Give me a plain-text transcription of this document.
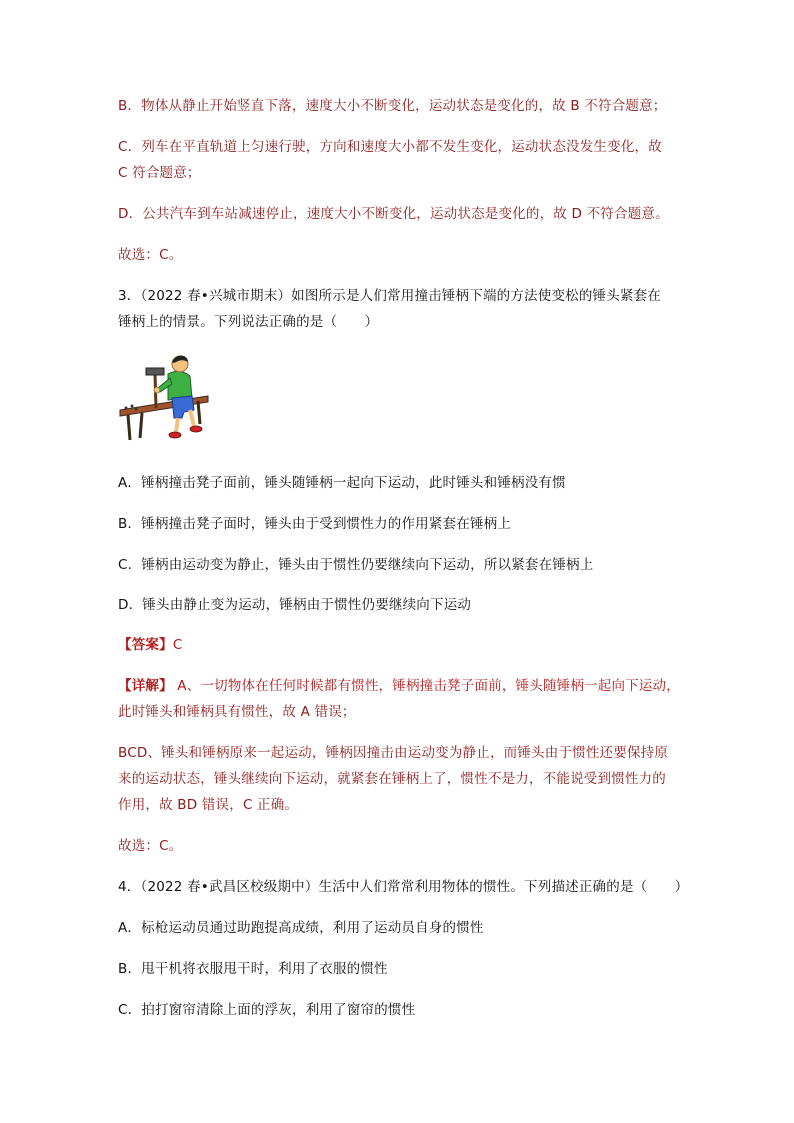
B．物体从静止开始竖直下落，速度大小不断变化，运动状态是变化的，故 B 不符合题意；

C．列车在平直轨道上匀速行驶，方向和速度大小都不发生变化，运动状态没发生变化，故

C 符合题意；

D．公共汽车到车站减速停止，速度大小不断变化，运动状态是变化的，故 D 不符合题意。

故选：C。

3．（2022 春•兴城市期末）如图所示是人们常用撞击锤柄下端的方法使变松的锤头紧套在

锤柄上的情景。下列说法正确的是（　　）

A．锤柄撞击凳子面前，锤头随锤柄一起向下运动，此时锤头和锤柄没有惯

B．锤柄撞击凳子面时，锤头由于受到惯性力的作用紧套在锤柄上

C．锤柄由运动变为静止，锤头由于惯性仍要继续向下运动，所以紧套在锤柄上

D．锤头由静止变为运动，锤柄由于惯性仍要继续向下运动

【答案】C

【详解】 A、一切物体在任何时候都有惯性，锤柄撞击凳子面前，锤头随锤柄一起向下运动，

此时锤头和锤柄具有惯性，故 A 错误；

BCD、锤头和锤柄原来一起运动，锤柄因撞击由运动变为静止，而锤头由于惯性还要保持原

来的运动状态，锤头继续向下运动，就紧套在锤柄上了，惯性不是力，不能说受到惯性力的

作用，故 BD 错误，C 正确。

故选：C。

4．（2022 春•武昌区校级期中）生活中人们常常利用物体的惯性。下列描述正确的是（　　）

A．标枪运动员通过助跑提高成绩，利用了运动员自身的惯性

B．甩干机将衣服甩干时，利用了衣服的惯性

C．拍打窗帘清除上面的浮灰，利用了窗帘的惯性
